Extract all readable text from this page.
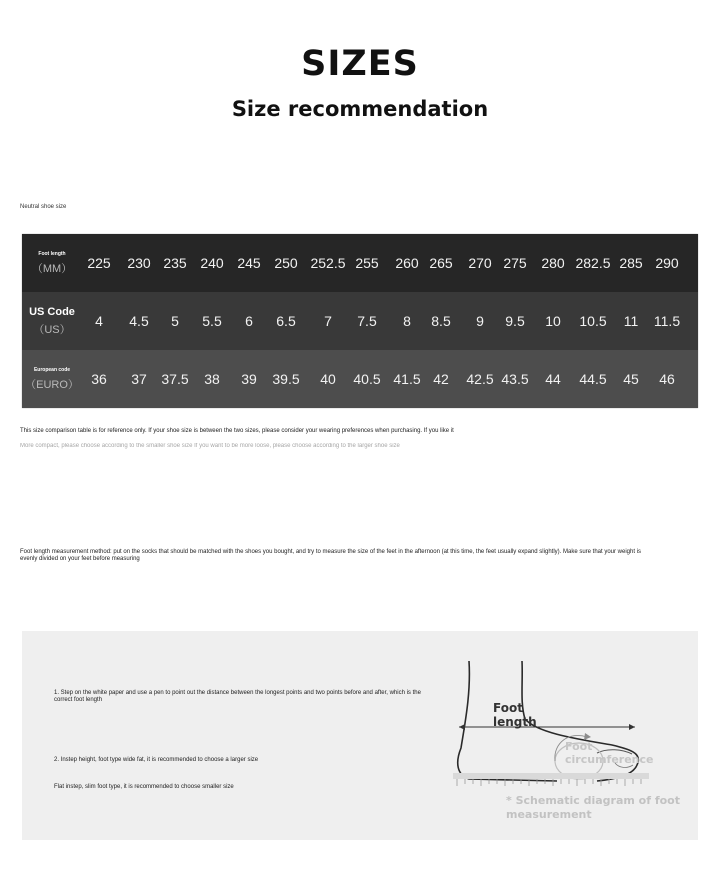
SIZES
Size recommendation
Neutral shoe size
Foot length
（MM）	225 230 235 240 245 250 252.5 255 260 265 270 275 280 282.5 285 290
US Code
（US）
4 4.5 5 5.5 6 6.5 7 7.5 8 8.5 9 9.5 10 10.5 11 11.5
European code
（EURO） 36 37 37.5 38 39 39.5 40 40.5 41.5 42 42.5 43.5 44 44.5 45 46
This size comparison table is for reference only. If your shoe size is between the two sizes, please consider your wearing preferences when purchasing. If you like it
More compact, please choose according to the smaller shoe size If you want to be more loose, please choose according to the larger shoe size
Foot length measurement method: put on the socks that should be matched with the shoes you bought, and try to measure the size of the feet in the afternoon (at this time, the feet usually expand slightly). Make sure that your weight is evenly divided on your feet before measuring
1. Step on the white paper and use a pen to point out the distance between the longest points and two points before and after, which is the correct foot length
2. Instep height, foot type wide fat, it is recommended to choose a larger size
Flat instep, slim foot type, it is recommended to choose smaller size
Foot length
Foot circumference
* Schematic diagram of foot measurement
